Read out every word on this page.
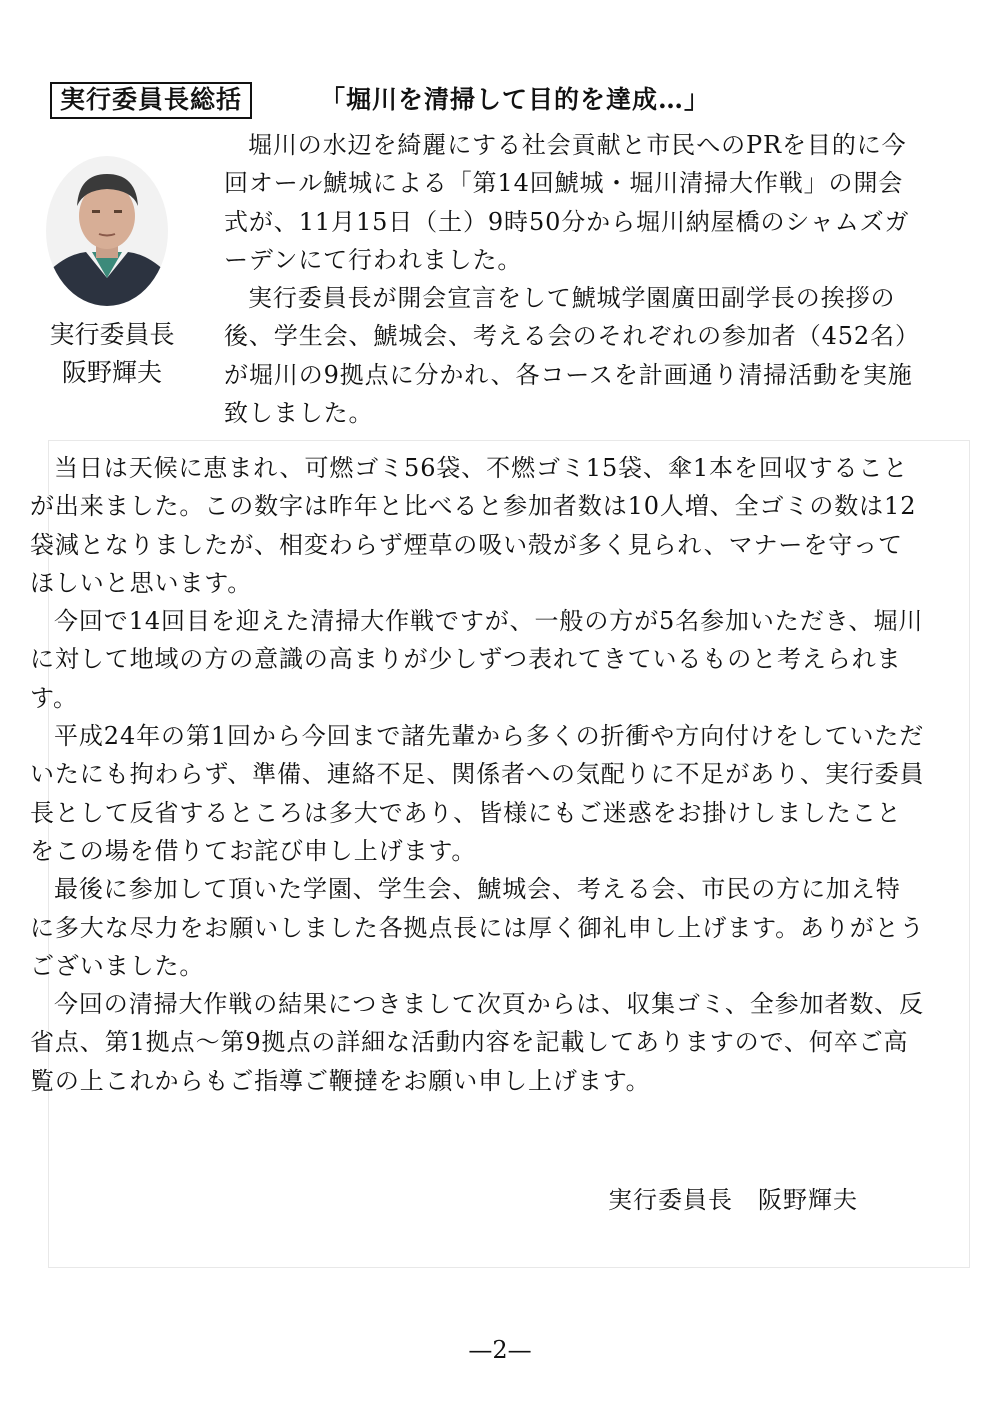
実行委員長総括	「堀川を清掃して目的を達成…」
実行委員長
阪野輝夫

堀川の水辺を綺麗にする社会貢献と市民へのPRを目的に今回オール鯱城による「第14回鯱城・堀川清掃大作戦」の開会式が、11月15日（土）9時50分から堀川納屋橋のシャムズガーデンにて行われました。

実行委員長が開会宣言をして鯱城学園廣田副学長の挨拶の後、学生会、鯱城会、考える会のそれぞれの参加者（452名）が堀川の9拠点に分かれ、各コースを計画通り清掃活動を実施致しました。

当日は天候に恵まれ、可燃ゴミ56袋、不燃ゴミ15袋、傘1本を回収することが出来ました。この数字は昨年と比べると参加者数は10人増、全ゴミの数は12袋減となりましたが、相変わらず煙草の吸い殻が多く見られ、マナーを守ってほしいと思います。

今回で14回目を迎えた清掃大作戦ですが、一般の方が5名参加いただき、堀川に対して地域の方の意識の高まりが少しずつ表れてきているものと考えられます。

平成24年の第1回から今回まで諸先輩から多くの折衝や方向付けをしていただいたにも拘わらず、準備、連絡不足、関係者への気配りに不足があり、実行委員長として反省するところは多大であり、皆様にもご迷惑をお掛けしましたことをこの場を借りてお詫び申し上げます。

最後に参加して頂いた学園、学生会、鯱城会、考える会、市民の方に加え特に多大な尽力をお願いしました各拠点長には厚く御礼申し上げます。ありがとうございました。

今回の清掃大作戦の結果につきまして次頁からは、収集ゴミ、全参加者数、反省点、第1拠点～第9拠点の詳細な活動内容を記載してありますので、何卒ご高覧の上これからもご指導ご鞭撻をお願い申し上げます。

実行委員長　阪野輝夫
—2—
